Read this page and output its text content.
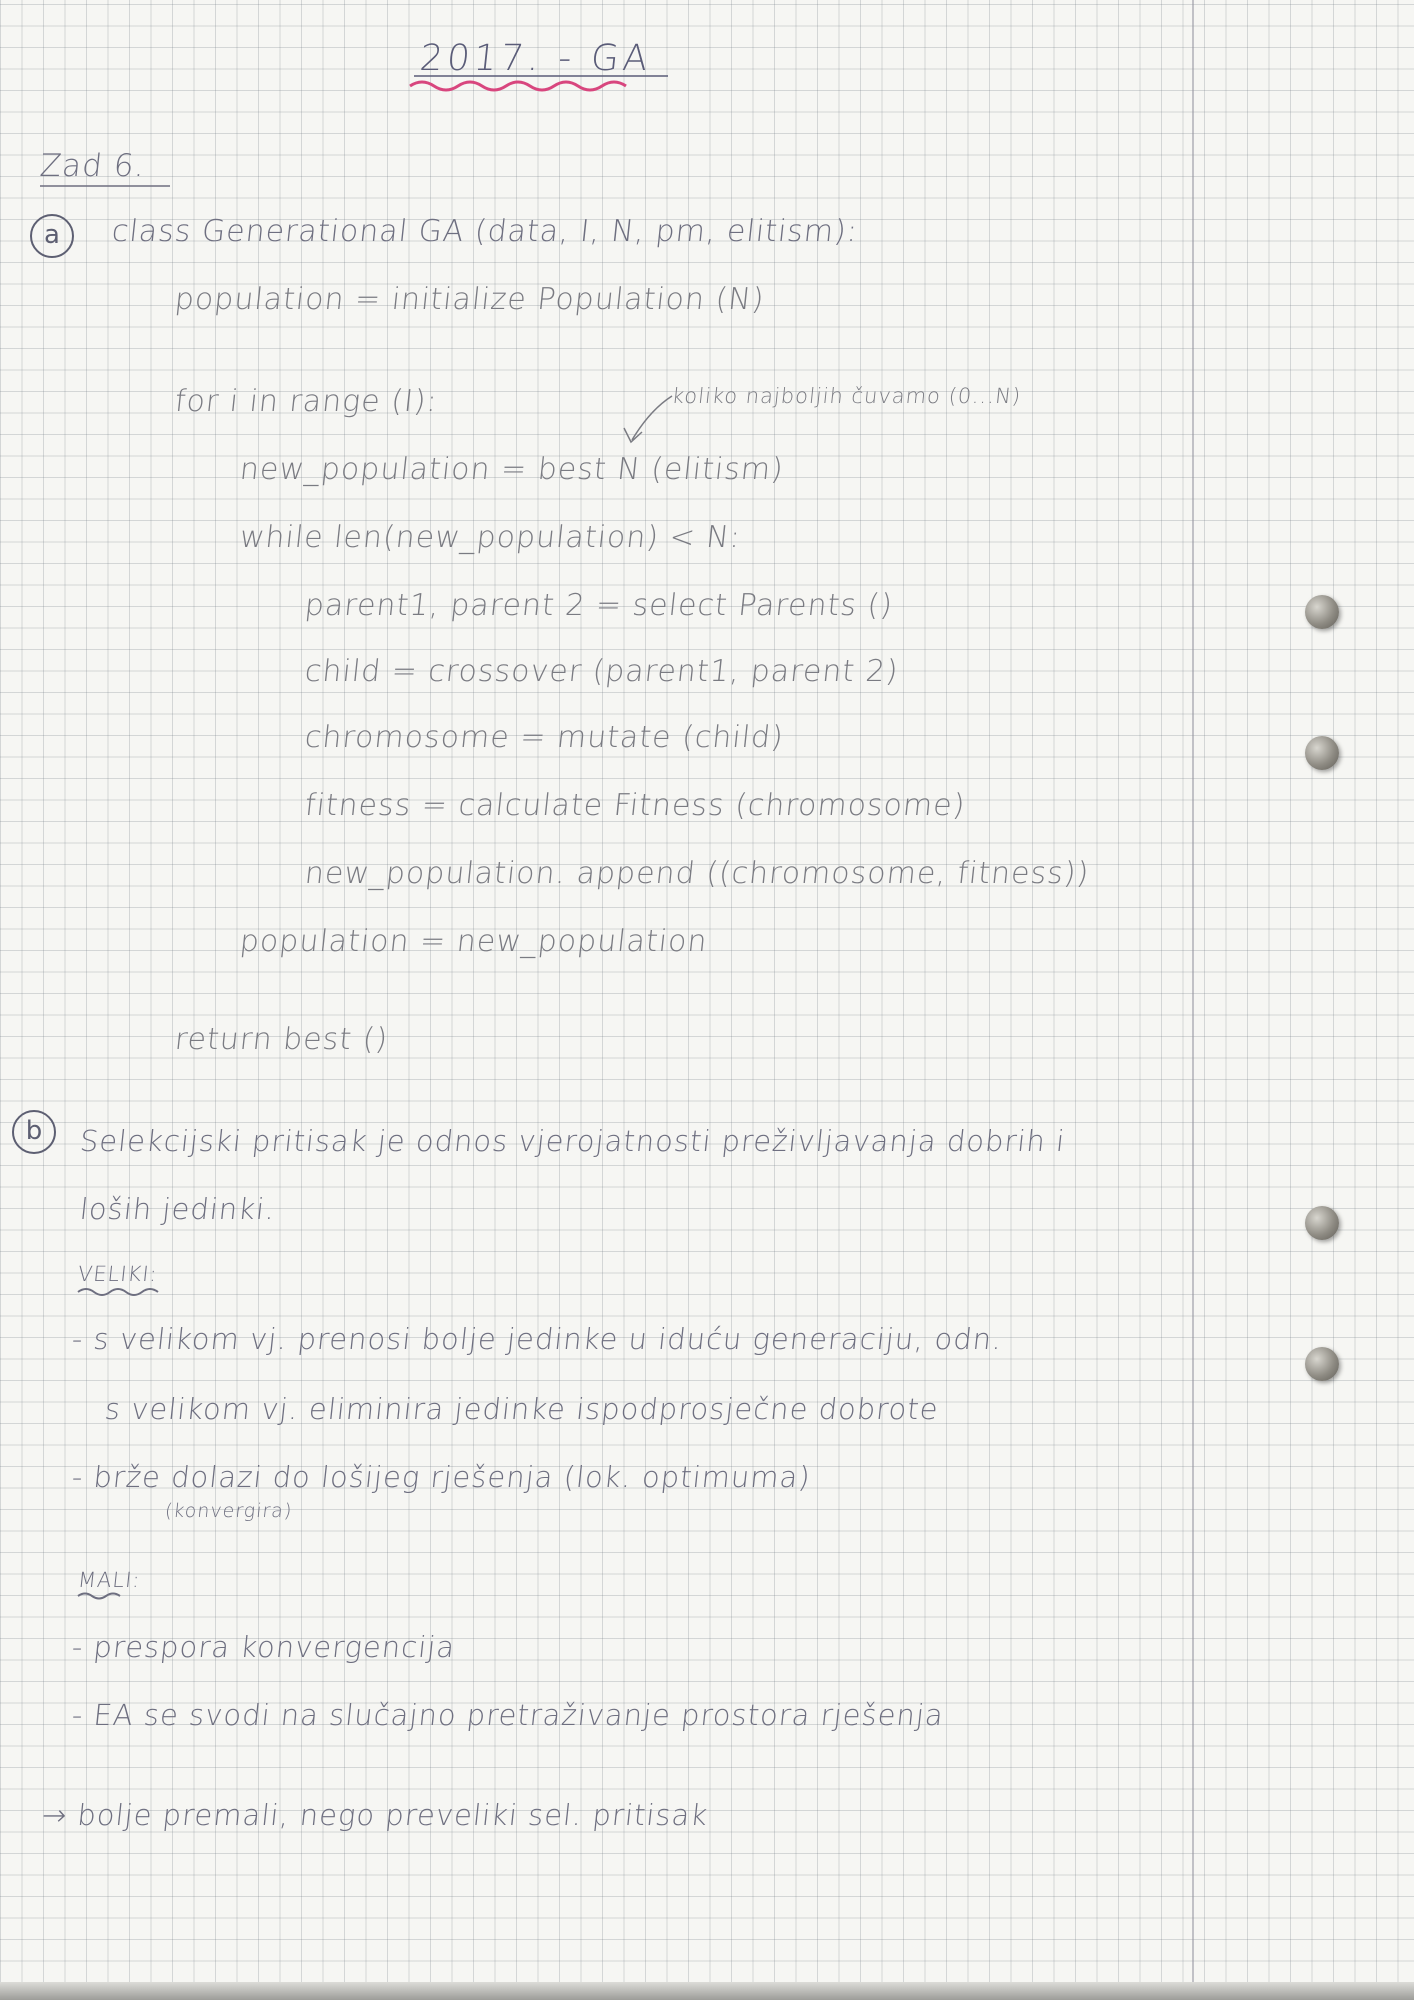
2017. - GA
Zad 6.
a	class Generational GA (data, I, N, pm, elitism):
population = initialize Population (N)
for i in range (I):	koliko najboljih čuvamo (0...N)
new_population = best N (elitism)
while len(new_population) < N:
parent1, parent 2 = select Parents ()
child = crossover (parent1, parent 2)
chromosome = mutate (child)
fitness = calculate Fitness (chromosome)
new_population. append ((chromosome, fitness))
population = new_population
return best ()
b	Selekcijski pritisak je odnos vjerojatnosti preživljavanja dobrih i
loših jedinki.
VELIKI:
- s velikom vj. prenosi bolje jedinke u iduću generaciju, odn.
s velikom vj. eliminira jedinke ispodprosječne dobrote
- brže dolazi do lošijeg rješenja (lok. optimuma)
(konvergira)
MALI:
- prespora konvergencija
- EA se svodi na slučajno pretraživanje prostora rješenja
→ bolje premali, nego preveliki sel. pritisak
